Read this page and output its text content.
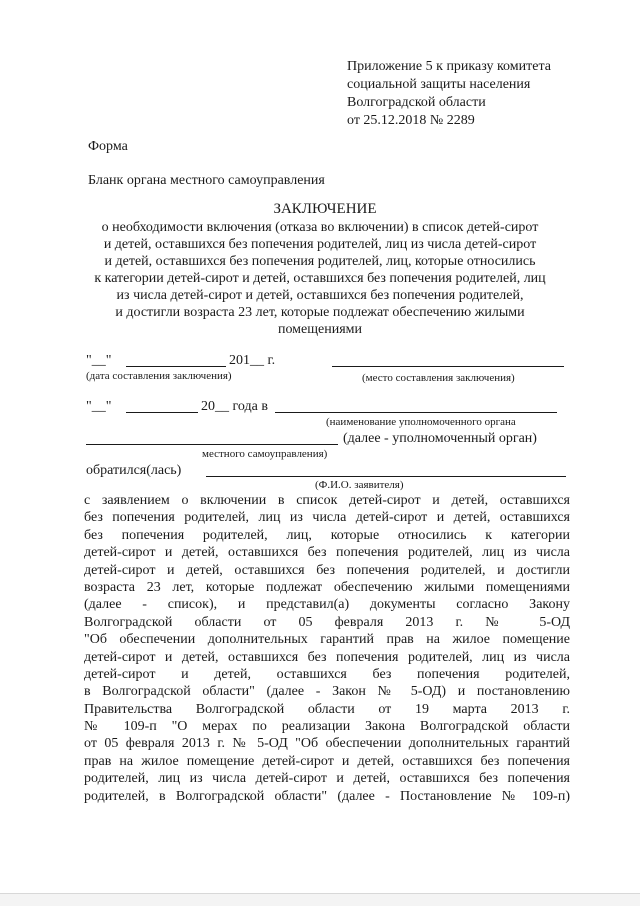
Приложение 5 к приказу комитета
социальной защиты населения
Волгоградской области
от 25.12.2018 № 2289
Форма
Бланк органа местного самоуправления
ЗАКЛЮЧЕНИЕ
о необходимости включения (отказа во включении) в список детей-сирот
и детей, оставшихся без попечения родителей, лиц из числа детей-сирот
и детей, оставшихся без попечения родителей, лиц, которые относились
к категории детей-сирот и детей, оставшихся без попечения родителей, лиц
из числа детей-сирот и детей, оставшихся без попечения родителей,
и достигли возраста 23 лет, которые подлежат обеспечению жилыми
помещениями
"__"	201__ г.
(дата составления заключения)	(место составления заключения)
"__"	20__ года в
(наименование уполномоченного органа
(далее - уполномоченный орган)
местного самоуправления)
обратился(лась)
(Ф.И.О. заявителя)
с заявлением о включении в список детей-сирот и детей, оставшихся
без попечения родителей, лиц из числа детей-сирот и детей, оставшихся
без попечения родителей, лиц, которые относились к категории
детей-сирот и детей, оставшихся без попечения родителей, лиц из числа
детей-сирот и детей, оставшихся без попечения родителей, и достигли
возраста 23 лет, которые подлежат обеспечению жилыми помещениями
(далее - список), и представил(а) документы согласно Закону
Волгоградской области от 05 февраля 2013 г. № 5-ОД
"Об обеспечении дополнительных гарантий прав на жилое помещение
детей-сирот и детей, оставшихся без попечения родителей, лиц из числа
детей-сирот и детей, оставшихся без попечения родителей,
в Волгоградской области" (далее - Закон № 5-ОД) и постановлению
Правительства Волгоградской области от 19 марта 2013 г.
№ 109-п "О мерах по реализации Закона Волгоградской области
от 05 февраля 2013 г. № 5-ОД "Об обеспечении дополнительных гарантий
прав на жилое помещение детей-сирот и детей, оставшихся без попечения
родителей, лиц из числа детей-сирот и детей, оставшихся без попечения
родителей, в Волгоградской области" (далее - Постановление № 109-п)
